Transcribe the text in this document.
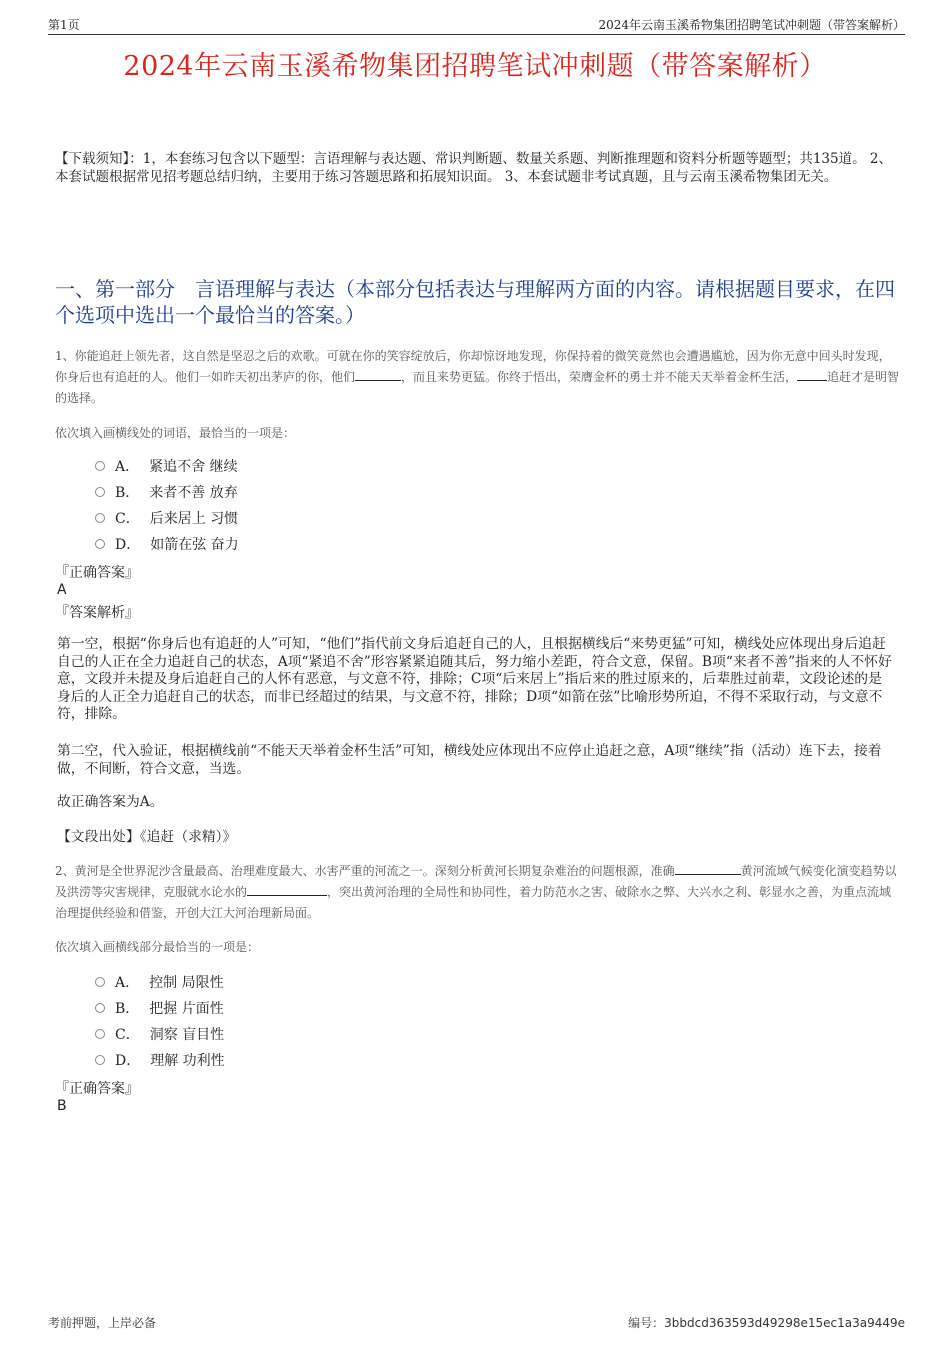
第1页	2024年云南玉溪希物集团招聘笔试冲刺题（带答案解析）
2024年云南玉溪希物集团招聘笔试冲刺题（带答案解析）
【下载须知】：1，本套练习包含以下题型：言语理解与表达题、常识判断题、数量关系题、判断推理题和资料分析题等题型；共135道。 2、本套试题根据常见招考题总结归纳，主要用于练习答题思路和拓展知识面。 3、本套试题非考试真题，且与云南玉溪希物集团无关。
一、第一部分　言语理解与表达（本部分包括表达与理解两方面的内容。请根据题目要求，在四个选项中选出一个最恰当的答案。）
1、你能追赶上领先者，这自然是坚忍之后的欢歌。可就在你的笑容绽放后，你却惊讶地发现，你保持着的微笑竟然也会遭遇尴尬，因为你无意中回头时发现，你身后也有追赶的人。他们一如昨天初出茅庐的你，他们	，而且来势更猛。你终于悟出，荣膺金杯的勇士并不能天天举着金杯生活，	追赶才是明智的选择。
依次填入画横线处的词语，最恰当的一项是：
A． 紧追不舍 继续
B． 来者不善 放弃
C． 后来居上 习惯
D． 如箭在弦 奋力
『正确答案』
A
『答案解析』
第一空，根据“你身后也有追赶的人”可知，“他们”指代前文身后追赶自己的人，且根据横线后“来势更猛”可知，横线处应体现出身后追赶自己的人正在全力追赶自己的状态，A项“紧追不舍”形容紧紧追随其后，努力缩小差距，符合文意，保留。B项“来者不善”指来的人不怀好意，文段并未提及身后追赶自己的人怀有恶意，与文意不符，排除；C项“后来居上”指后来的胜过原来的，后辈胜过前辈，文段论述的是身后的人正全力追赶自己的状态，而非已经超过的结果，与文意不符，排除；D项“如箭在弦”比喻形势所迫，不得不采取行动，与文意不符，排除。
第二空，代入验证，根据横线前“不能天天举着金杯生活”可知，横线处应体现出不应停止追赶之意，A项“继续”指（活动）连下去，接着做，不间断，符合文意，当选。
故正确答案为A。
【文段出处】《追赶（求精）》
2、黄河是全世界泥沙含量最高、治理难度最大、水害严重的河流之一。深刻分析黄河长期复杂难治的问题根源，准确	黄河流域气候变化演变趋势以及洪涝等灾害规律，克服就水论水的	，突出黄河治理的全局性和协同性，着力防范水之害、破除水之弊、大兴水之利、彰显水之善，为重点流域治理提供经验和借鉴，开创大江大河治理新局面。
依次填入画横线部分最恰当的一项是：
A． 控制 局限性
B． 把握 片面性
C． 洞察 盲目性
D． 理解 功利性
『正确答案』
B
考前押题，上岸必备	编号：3bbdcd363593d49298e15ec1a3a9449e
